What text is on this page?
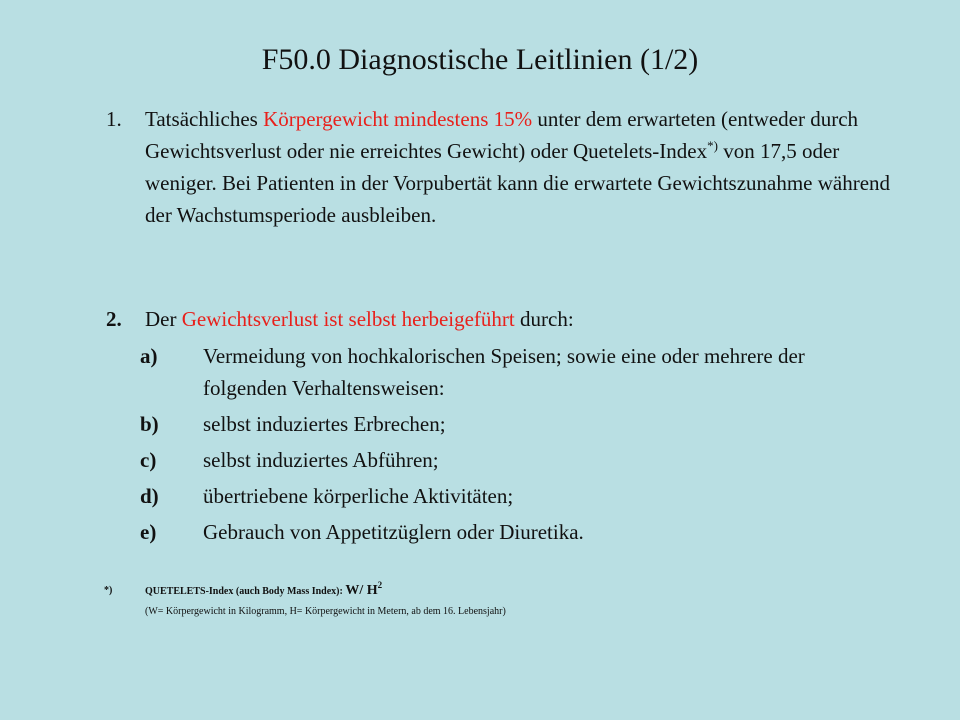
F50.0 Diagnostische Leitlinien (1/2)
1.	Tatsächliches Körpergewicht mindestens 15% unter dem erwarteten (entweder durch Gewichtsverlust oder nie erreichtes Gewicht) oder Quetelets-Index*) von 17,5 oder weniger. Bei Patienten in der Vorpubertät kann die erwartete Gewichtszunahme während der Wachstumsperiode ausbleiben.
2. Der Gewichtsverlust ist selbst herbeigeführt durch:
a) Vermeidung von hochkalorischen Speisen; sowie eine oder mehrere der folgenden Verhaltensweisen:
b) selbst induziertes Erbrechen;
c) selbst induziertes Abführen;
d) übertriebene körperliche Aktivitäten;
e) Gebrauch von Appetitzüglern oder Diuretika.
*)	QUETELETS-Index (auch Body Mass Index): W/ $H^2$
(W= Körpergewicht in Kilogramm, H= Körpergewicht in Metern, ab dem 16. Lebensjahr)
